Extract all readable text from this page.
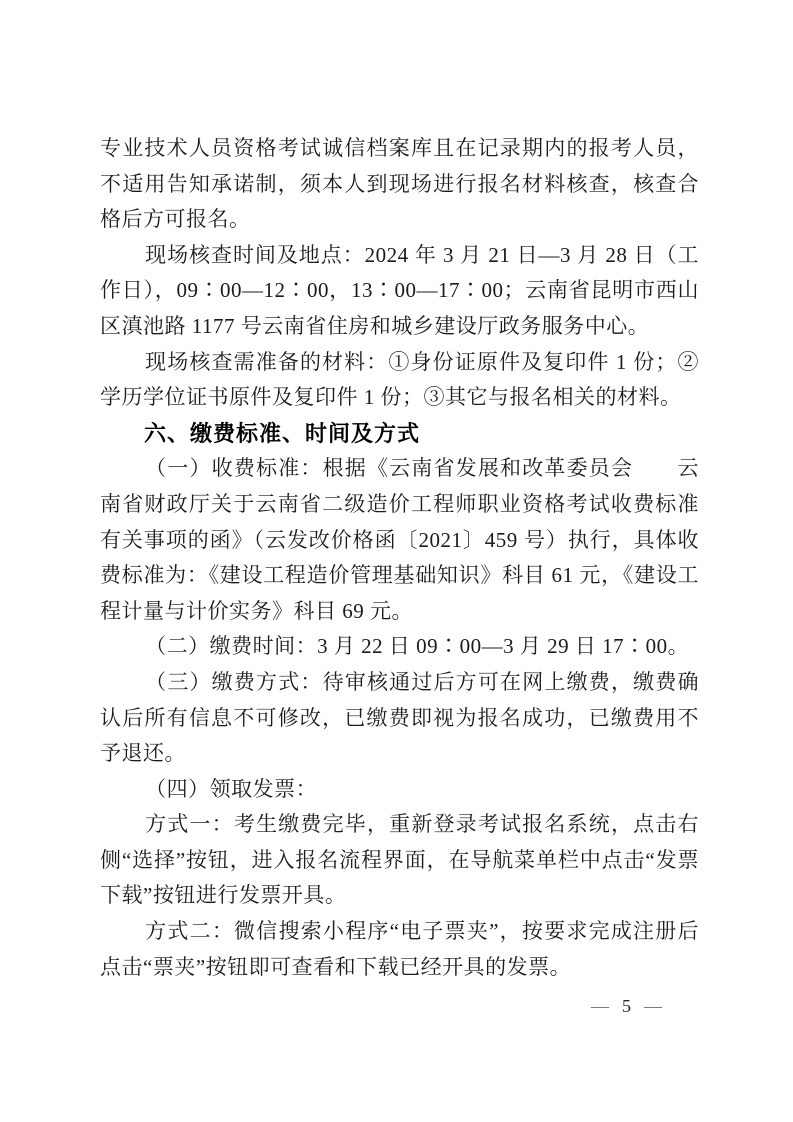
专业技术人员资格考试诚信档案库且在记录期内的报考人员，不适用告知承诺制，须本人到现场进行报名材料核查，核查合格后方可报名。

现场核查时间及地点：2024 年 3 月 21 日—3 月 28 日（工作日），09∶00—12∶00，13∶00—17∶00；云南省昆明市西山区滇池路 1177 号云南省住房和城乡建设厅政务服务中心。

现场核查需准备的材料：①身份证原件及复印件 1 份；②学历学位证书原件及复印件 1 份；③其它与报名相关的材料。

六、缴费标准、时间及方式

（一）收费标准：根据《云南省发展和改革委员会　　云南省财政厅关于云南省二级造价工程师职业资格考试收费标准有关事项的函》（云发改价格函〔2021〕459 号）执行，具体收费标准为：《建设工程造价管理基础知识》科目 61 元，《建设工程计量与计价实务》科目 69 元。

（二）缴费时间：3 月 22 日 09∶00—3 月 29 日 17∶00。

（三）缴费方式：待审核通过后方可在网上缴费，缴费确认后所有信息不可修改，已缴费即视为报名成功，已缴费用不予退还。

（四）领取发票：

方式一：考生缴费完毕，重新登录考试报名系统，点击右侧“选择”按钮，进入报名流程界面，在导航菜单栏中点击“发票下载”按钮进行发票开具。

方式二：微信搜索小程序“电子票夹”，按要求完成注册后点击“票夹”按钮即可查看和下载已经开具的发票。

— 5 —
